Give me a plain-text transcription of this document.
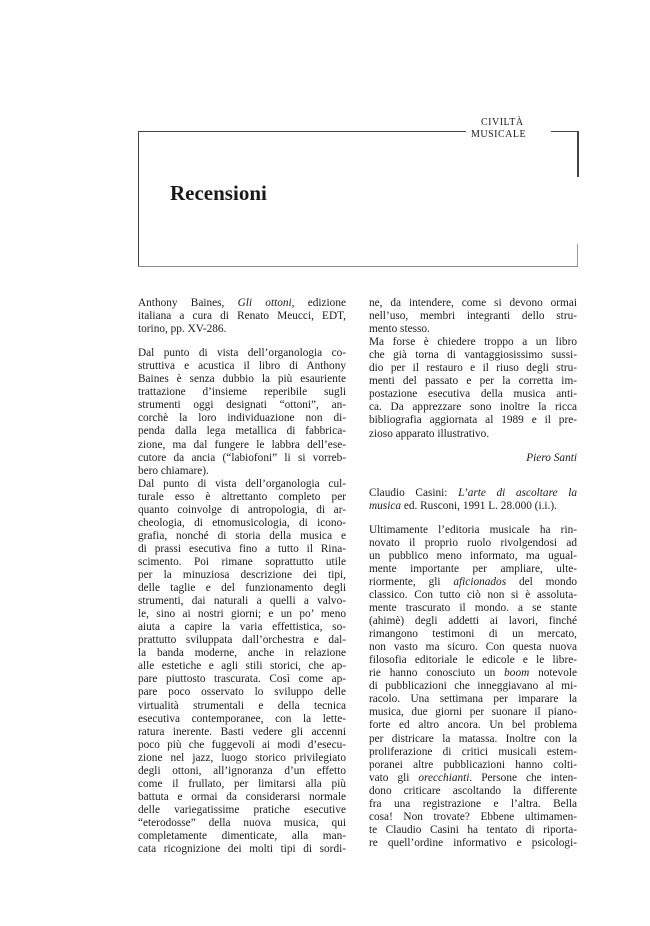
CIVILTÀ
MUSICALE
Recensioni
Anthony Baines, Gli ottoni, edizione
italiana a cura di Renato Meucci, EDT,
torino, pp. XV-286.
Dal punto di vista dell’organologia co-
struttiva e acustica il libro di Anthony
Baines è senza dubbio la più esauriente
trattazione d’insieme reperibile sugli
strumenti oggi designati “ottoni”, an-
corchè la loro individuazione non di-
penda dalla lega metallica di fabbrica-
zione, ma dal fungere le labbra dell’ese-
cutore da ancia (“labiofoni” li si vorreb-
bero chiamare).
Dal punto di vista dell’organologia cul-
turale esso è altrettanto completo per
quanto coinvolge di antropologia, di ar-
cheologia, di etnomusicologia, di icono-
grafia, nonché di storia della musica e
di prassi esecutiva fino a tutto il Rina-
scimento. Poi rimane soprattutto utile
per la minuziosa descrizione dei tipi,
delle taglie e del funzionamento degli
strumenti, dai naturali a quelli a valvo-
le, sino ai nostri giorni; e un po’ meno
aiuta a capire la varia effettistica, so-
prattutto sviluppata dall’orchestra e dal-
la banda moderne, anche in relazione
alle estetiche e agli stili storici, che ap-
pare piuttosto trascurata. Così come ap-
pare poco osservato lo sviluppo delle
virtualità strumentali e della tecnica
esecutiva contemporanee, con la lette-
ratura inerente. Basti vedere gli accenni
poco più che fuggevoli ai modi d’esecu-
zione nel jazz, luogo storico privilegiato
degli ottoni, all’ignoranza d’un effetto
come il frullato, per limitarsi alla più
battuta e ormai da considerarsi normale
delle variegatissime pratiche esecutive
“eterodosse” della nuova musica, qui
completamente dimenticate, alla man-
cata ricognizione dei molti tipi di sordi-
ne, da intendere, come si devono ormai
nell’uso, membri integranti dello stru-
mento stesso.
Ma forse è chiedere troppo a un libro
che già torna di vantaggiosissimo sussi-
dio per il restauro e il riuso degli stru-
menti del passato e per la corretta im-
postazione esecutiva della musica anti-
ca. Da apprezzare sono inoltre la ricca
bibliografia aggiornata al 1989 e il pre-
zioso apparato illustrativo.
Piero Santi
Claudio Casini: L’arte di ascoltare la
musica ed. Rusconi, 1991 L. 28.000 (i.i.).
Ultimamente l’editoria musicale ha rin-
novato il proprio ruolo rivolgendosi ad
un pubblico meno informato, ma ugual-
mente importante per ampliare, ulte-
riormente, gli aficionados del mondo
classico. Con tutto ciò non si è assoluta-
mente trascurato il mondo. a se stante
(ahimè) degli addetti ai lavori, finché
rimangono testimoni di un mercato,
non vasto ma sicuro. Con questa nuova
filosofia editoriale le edicole e le libre-
rie hanno conosciuto un boom notevole
di pubblicazioni che inneggiavano al mi-
racolo. Una settimana per imparare la
musica, due giorni per suonare il piano-
forte ed altro ancora. Un bel problema
per districare la matassa. Inoltre con la
proliferazione di critici musicali estem-
poranei altre pubblicazioni hanno colti-
vato gli orecchianti. Persone che inten-
dono criticare ascoltando la differente
fra una registrazione e l’altra. Bella
cosa! Non trovate? Ebbene ultimamen-
te Claudio Casini ha tentato di riporta-
re quell’ordine informativo e psicologi-
